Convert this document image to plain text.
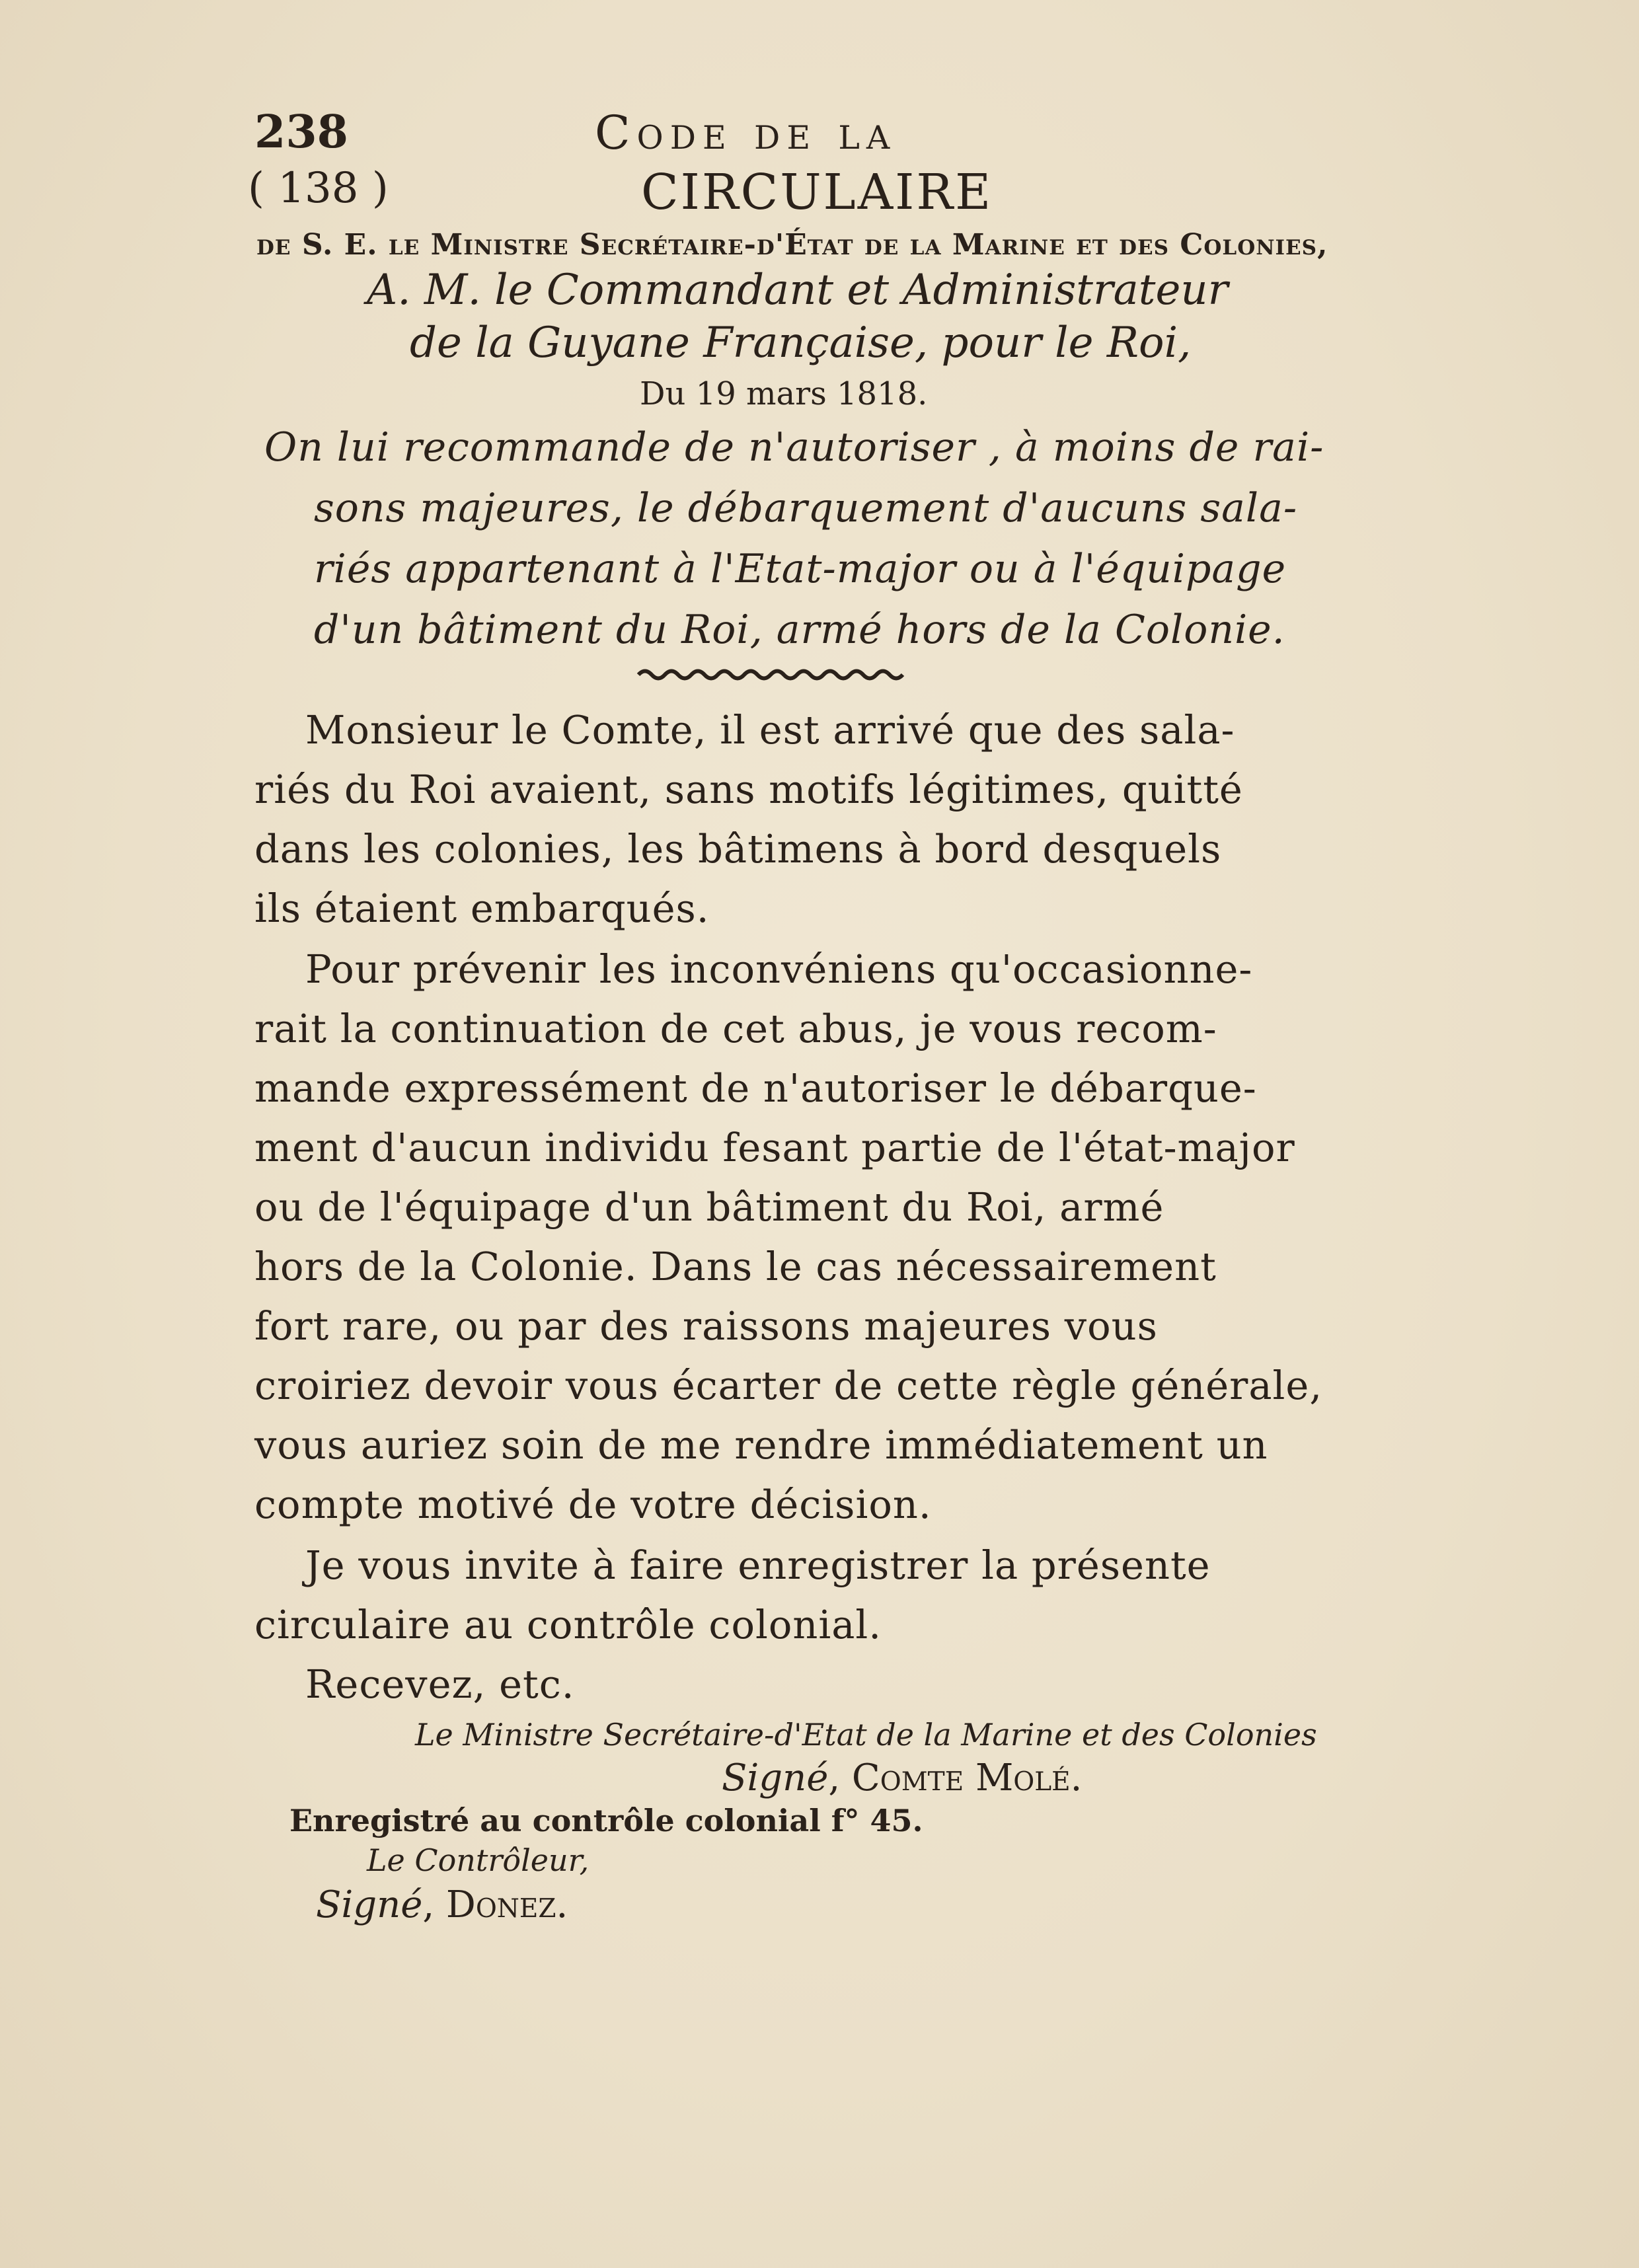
238	Code de la
( 138 )	CIRCULAIRE
de S. E. le Ministre Secrétaire-d'État de la Marine et des Colonies,
A. M. le Commandant et Administrateur
de la Guyane Française, pour le Roi,
Du 19 mars 1818.
On lui recommande de n'autoriser , à moins de rai-
sons majeures, le débarquement d'aucuns sala-
riés appartenant à l'Etat-major ou à l'équipage
d'un bâtiment du Roi, armé hors de la Colonie.
Monsieur le Comte, il est arrivé que des sala-
riés du Roi avaient, sans motifs légitimes, quitté
dans les colonies, les bâtimens à bord desquels
ils étaient embarqués.
Pour prévenir les inconvéniens qu'occasionne-
rait la continuation de cet abus, je vous recom-
mande expressément de n'autoriser le débarque-
ment d'aucun individu fesant partie de l'état-major
ou de l'équipage d'un bâtiment du Roi, armé
hors de la Colonie. Dans le cas nécessairement
fort rare, ou par des raissons majeures vous
croiriez devoir vous écarter de cette règle générale,
vous auriez soin de me rendre immédiatement un
compte motivé de votre décision.
Je vous invite à faire enregistrer la présente
circulaire au contrôle colonial.
Recevez, etc.
Le Ministre Secrétaire-d'Etat de la Marine et des Colonies
Signé, Comte Molé.
Enregistré au contrôle colonial f° 45.
Le Contrôleur,
Signé, Donez.
